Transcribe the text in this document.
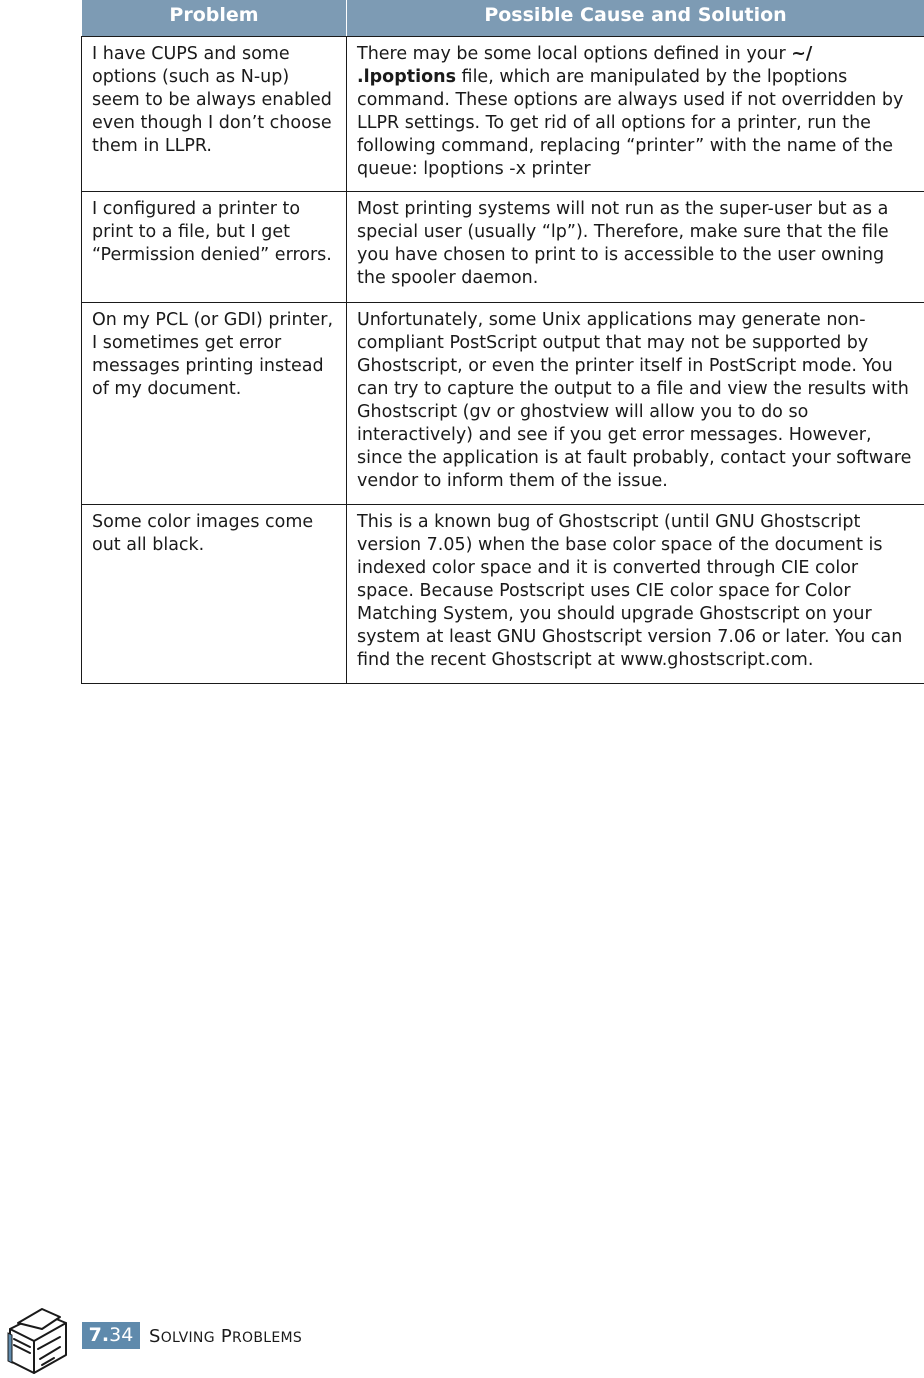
Problem	Possible Cause and Solution
I have CUPS and some options (such as N-up) seem to be always enabled even though I don’t choose them in LLPR.	There may be some local options defined in your ~/ .lpoptions file, which are manipulated by the lpoptions command. These options are always used if not overridden by LLPR settings. To get rid of all options for a printer, run the following command, replacing “printer” with the name of the queue: lpoptions -x printer
I configured a printer to print to a file, but I get “Permission denied” errors.	Most printing systems will not run as the super-user but as a special user (usually “lp”). Therefore, make sure that the file you have chosen to print to is accessible to the user owning the spooler daemon.
On my PCL (or GDI) printer, I sometimes get error messages printing instead of my document.	Unfortunately, some Unix applications may generate non-compliant PostScript output that may not be supported by Ghostscript, or even the printer itself in PostScript mode. You can try to capture the output to a file and view the results with Ghostscript (gv or ghostview will allow you to do so interactively) and see if you get error messages. However, since the application is at fault probably, contact your software vendor to inform them of the issue.
Some color images come out all black.	This is a known bug of Ghostscript (until GNU Ghostscript version 7.05) when the base color space of the document is indexed color space and it is converted through CIE color space. Because Postscript uses CIE color space for Color Matching System, you should upgrade Ghostscript on your system at least GNU Ghostscript version 7.06 or later. You can find the recent Ghostscript at www.ghostscript.com.
7.34 SOLVING PROBLEMS
